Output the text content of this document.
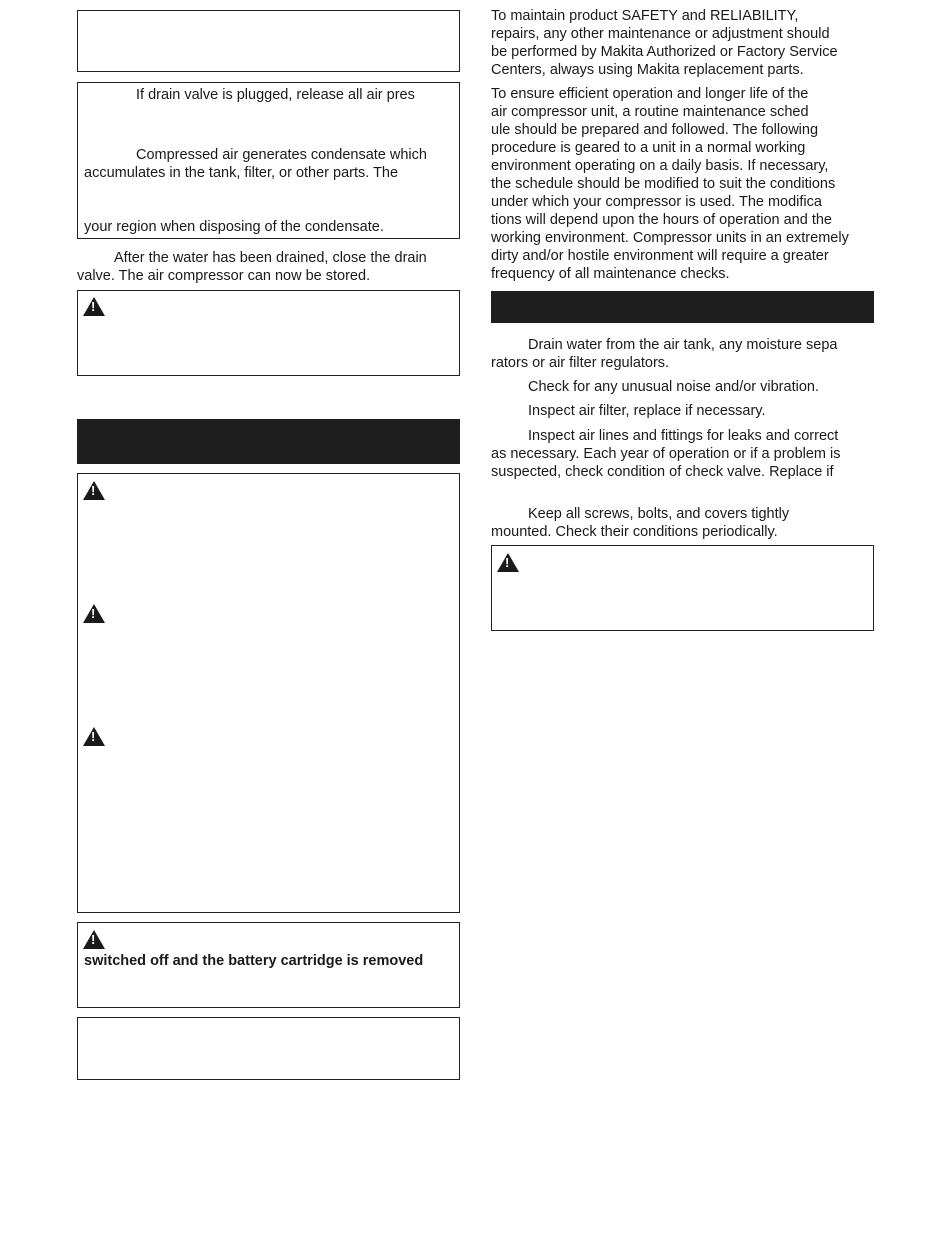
If drain valve is plugged, release all air pres
Compressed air generates condensate which
accumulates in the tank, filter, or other parts. The
your region when disposing of the condensate.
After the water has been drained, close the drain
valve. The air compressor can now be stored.
!
!
!
!
!
switched off and the battery cartridge is removed
To maintain product SAFETY and RELIABILITY,
repairs, any other maintenance or adjustment should
be performed by Makita Authorized or Factory Service
Centers, always using Makita replacement parts.
To ensure efficient operation and longer life of the
air compressor unit, a routine maintenance sched
ule should be prepared and followed. The following
procedure is geared to a unit in a normal working
environment operating on a daily basis. If necessary,
the schedule should be modified to suit the conditions
under which your compressor is used. The modifica
tions will depend upon the hours of operation and the
working environment. Compressor units in an extremely
dirty and/or hostile environment will require a greater
frequency of all maintenance checks.
Drain water from the air tank, any moisture sepa
rators or air filter regulators.
Check for any unusual noise and/or vibration.
Inspect air filter, replace if necessary.
Inspect air lines and fittings for leaks and correct
as necessary. Each year of operation or if a problem is
suspected, check condition of check valve. Replace if
Keep all screws, bolts, and covers tightly
mounted. Check their conditions periodically.
!
